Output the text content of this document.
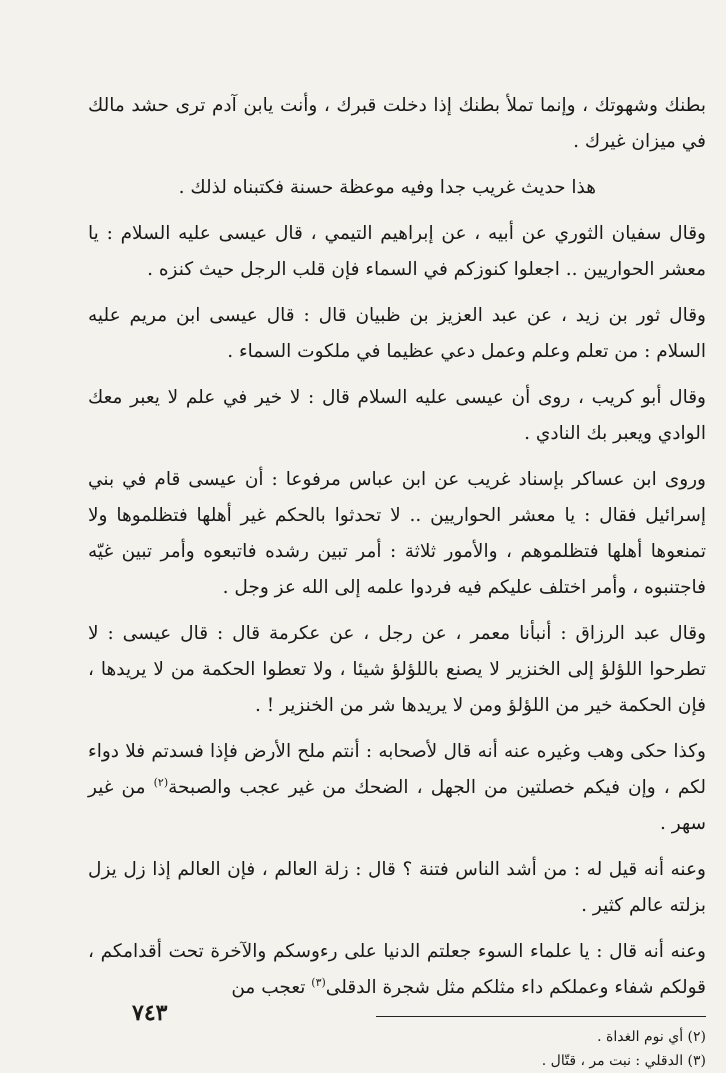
بطنك وشهوتك ، وإنما تملأ بطنك إذا دخلت قبرك ، وأنت يابن آدم ترى حشد مالك في ميزان غيرك .

هذا حديث غريب جدا وفيه موعظة حسنة فكتبناه لذلك .

وقال سفيان الثوري عن أبيه ، عن إبراهيم التيمي ، قال عيسى عليه السلام : يا معشر الحواريين .. اجعلوا كنوزكم في السماء فإن قلب الرجل حيث كنزه .

وقال ثور بن زيد ، عن عبد العزيز بن ظبيان قال : قال عيسى ابن مريم عليه السلام : من تعلم وعلم وعمل دعي عظيما في ملكوت السماء .

وقال أبو كريب ، روى أن عيسى عليه السلام قال : لا خير في علم لا يعبر معك الوادي ويعبر بك النادي .

وروى ابن عساكر بإسناد غريب عن ابن عباس مرفوعا : أن عيسى قام في بني إسرائيل فقال : يا معشر الحواريين .. لا تحدثوا بالحكم غير أهلها فتظلموها ولا تمنعوها أهلها فتظلموهم ، والأمور ثلاثة : أمر تبين رشده فاتبعوه وأمر تبين غيّه فاجتنبوه ، وأمر اختلف عليكم فيه فردوا علمه إلى الله عز وجل .

وقال عبد الرزاق : أنبأنا معمر ، عن رجل ، عن عكرمة قال : قال عيسى : لا تطرحوا اللؤلؤ إلى الخنزير لا يصنع باللؤلؤ شيئا ، ولا تعطوا الحكمة من لا يريدها ، فإن الحكمة خير من اللؤلؤ ومن لا يريدها شر من الخنزير ! .

وكذا حكى وهب وغيره عنه أنه قال لأصحابه : أنتم ملح الأرض فإذا فسدتم فلا دواء لكم ، وإن فيكم خصلتين من الجهل ، الضحك من غير عجب والصبحة$^{(٢)}$ من غير سهر .

وعنه أنه قيل له : من أشد الناس فتنة ؟ قال : زلة العالم ، فإن العالم إذا زل يزل بزلته عالم كثير .

وعنه أنه قال : يا علماء السوء جعلتم الدنيا على رءوسكم والآخرة تحت أقدامكم ، قولكم شفاء وعملكم داء مثلكم مثل شجرة الدقلى$^{(٣)}$ تعجب من

(٢) أي نوم الغداة .
(٣) الدقلي : نبت مر ، قتّال .
٧٤٣
